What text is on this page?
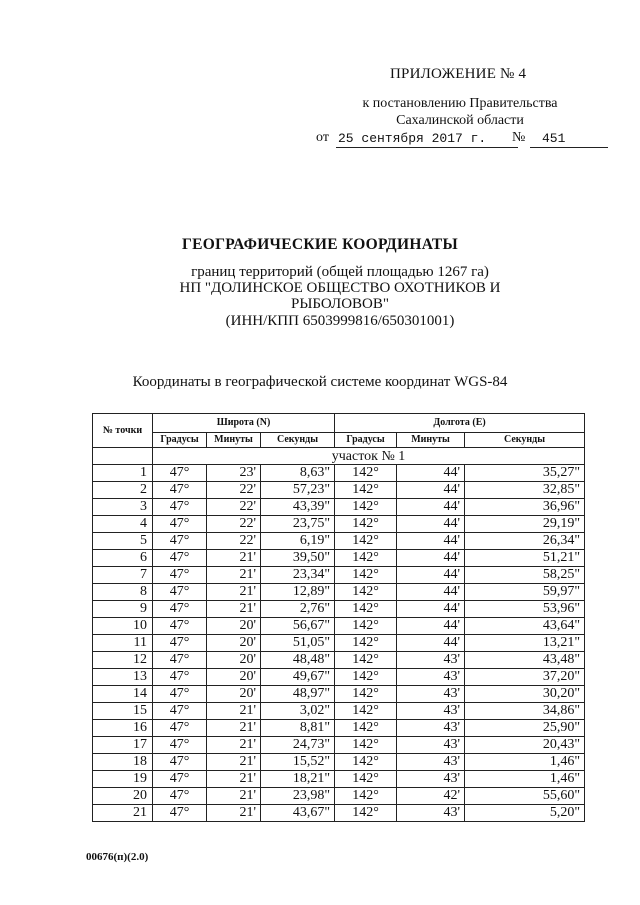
ПРИЛОЖЕНИЕ № 4
к постановлению Правительства
Сахалинской области
от 25 сентября 2017 г. № 451
ГЕОГРАФИЧЕСКИЕ КООРДИНАТЫ
границ территорий (общей площадью 1267 га)
НП "ДОЛИНСКОЕ ОБЩЕСТВО ОХОТНИКОВ И
РЫБОЛОВОВ"
(ИНН/КПП 6503999816/650301001)
Координаты в географической системе координат WGS-84
№ точки	Широта (N)			Долгота (E)		
	Градусы	Минуты	Секунды	Градусы	Минуты	Секунды
	участок № 1					
1	47°	23'	8,63"	142°	44'	35,27"
2	47°	22'	57,23"	142°	44'	32,85"
3	47°	22'	43,39"	142°	44'	36,96"
4	47°	22'	23,75"	142°	44'	29,19"
5	47°	22'	6,19"	142°	44'	26,34"
6	47°	21'	39,50"	142°	44'	51,21"
7	47°	21'	23,34"	142°	44'	58,25"
8	47°	21'	12,89"	142°	44'	59,97"
9	47°	21'	2,76"	142°	44'	53,96"
10	47°	20'	56,67"	142°	44'	43,64"
11	47°	20'	51,05"	142°	44'	13,21"
12	47°	20'	48,48"	142°	43'	43,48"
13	47°	20'	49,67"	142°	43'	37,20"
14	47°	20'	48,97"	142°	43'	30,20"
15	47°	21'	3,02"	142°	43'	34,86"
16	47°	21'	8,81"	142°	43'	25,90"
17	47°	21'	24,73"	142°	43'	20,43"
18	47°	21'	15,52"	142°	43'	1,46"
19	47°	21'	18,21"	142°	43'	1,46"
20	47°	21'	23,98"	142°	42'	55,60"
21	47°	21'	43,67"	142°	43'	5,20"
00676(п)(2.0)
